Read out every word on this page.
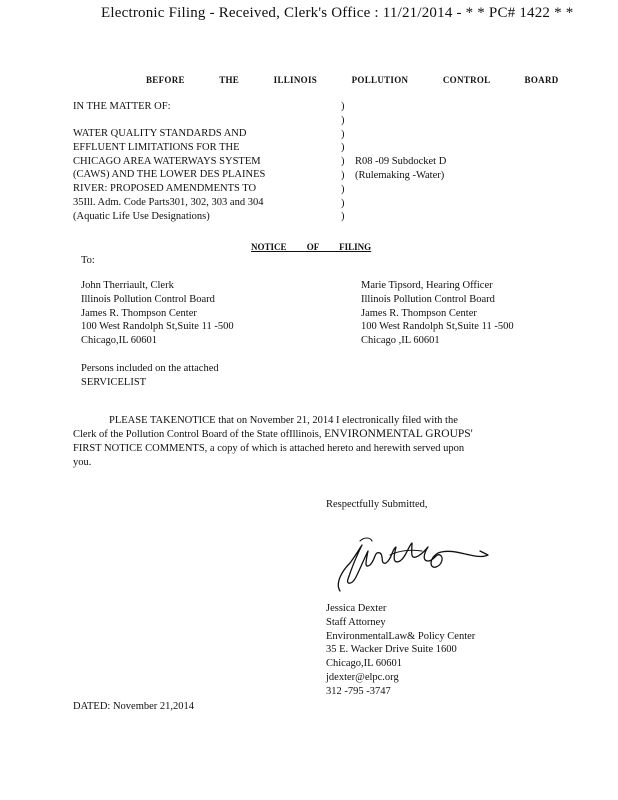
Electronic Filing - Received, Clerk's Office : 11/21/2014 - * * PC# 1422 * *
BEFORE THE ILLINOIS POLLUTION CONTROL BOARD
IN THE MATTER OF:
WATER QUALITY STANDARDS AND
EFFLUENT LIMITATIONS FOR THE
CHICAGO AREA WATERWAYS SYSTEM
(CAWS) AND THE LOWER DES PLAINES
RIVER: PROPOSED AMENDMENTS TO
35Ill. Adm. Code Parts301, 302, 303 and 304
(Aquatic Life Use Designations)
)
)
)
)
)
)
)
)
)
R08 -09 Subdocket D
(Rulemaking -Water)
NOTICE OF FILING
To:
John Therriault, Clerk
Illinois Pollution Control Board
James R. Thompson Center
100 West Randolph St,Suite 11 -500
Chicago,IL 60601
Marie Tipsord, Hearing Officer
Illinois Pollution Control Board
James R. Thompson Center
100 West Randolph St,Suite 11 -500
Chicago ,IL 60601
Persons included on the attached
SERVICELIST
PLEASE TAKENOTICE that on November 21, 2014 I electronically filed with the
Clerk of the Pollution Control Board of the State ofIllinois, ENVIRONMENTAL GROUPS'
FIRST NOTICE COMMENTS, a copy of which is attached hereto and herewith served upon
you.
Respectfully Submitted,
Jessica Dexter
Staff Attorney
EnvironmentalLaw& Policy Center
35 E. Wacker Drive Suite 1600
Chicago,IL 60601
jdexter@elpc.org
312 -795 -3747
DATED: November 21,2014
